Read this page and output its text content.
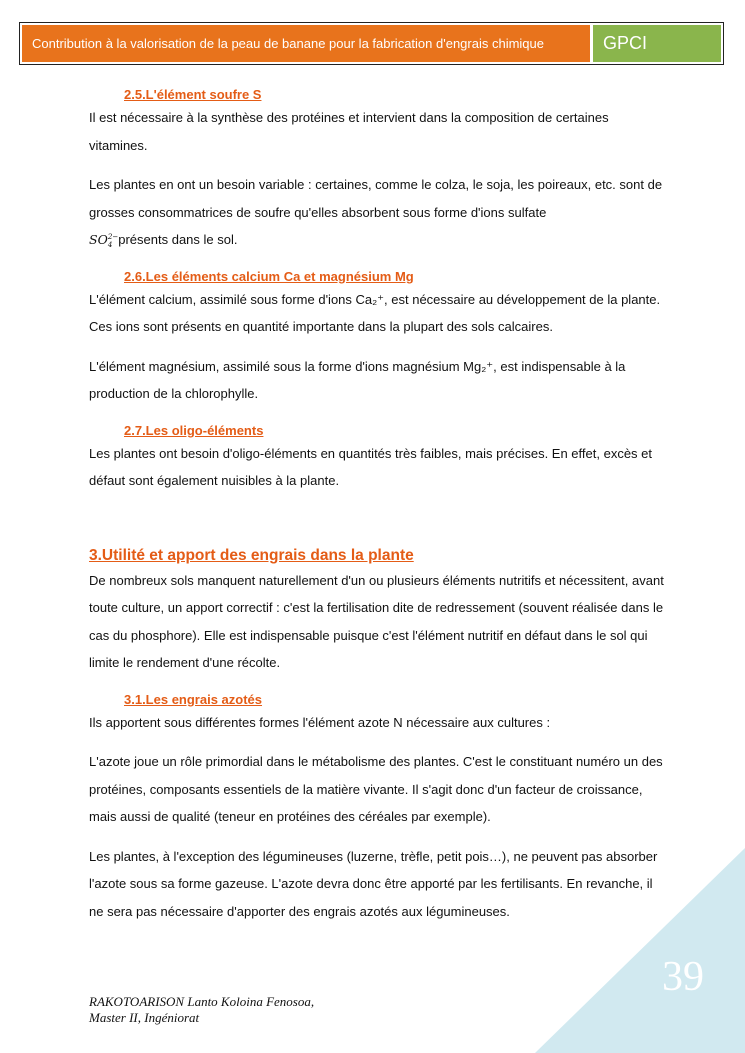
Contribution à la valorisation de la peau de banane pour la fabrication d'engrais chimique	GPCI
2.5.L'élément soufre S

Il est nécessaire à la synthèse des protéines et intervient dans la composition de certaines vitamines.

Les plantes en ont un besoin variable : certaines, comme le colza, le soja, les poireaux, etc. sont de grosses consommatrices de soufre qu'elles absorbent sous forme d'ions sulfate
SO 2−
4 présents dans le sol.

2.6.Les éléments calcium Ca et magnésium Mg

L'élément calcium, assimilé sous forme d'ions Ca₂⁺, est nécessaire au développement de la plante. Ces ions sont présents en quantité importante dans la plupart des sols calcaires.

L'élément magnésium, assimilé sous la forme d'ions magnésium Mg₂⁺, est indispensable à la production de la chlorophylle.

2.7.Les oligo-éléments

Les plantes ont besoin d'oligo-éléments en quantités très faibles, mais précises. En effet, excès et défaut sont également nuisibles à la plante.

3.Utilité et apport des engrais dans la plante

De nombreux sols manquent naturellement d'un ou plusieurs éléments nutritifs et nécessitent, avant toute culture, un apport correctif : c'est la fertilisation dite de redressement (souvent réalisée dans le cas du phosphore). Elle est indispensable puisque c'est l'élément nutritif en défaut dans le sol qui limite le rendement d'une récolte.

3.1.Les engrais azotés

Ils apportent sous différentes formes l'élément azote N nécessaire aux cultures :

L'azote joue un rôle primordial dans le métabolisme des plantes. C'est le constituant numéro un des protéines, composants essentiels de la matière vivante. Il s'agit donc d'un facteur de croissance, mais aussi de qualité (teneur en protéines des céréales par exemple).

Les plantes, à l'exception des légumineuses (luzerne, trèfle, petit pois…), ne peuvent pas absorber l'azote sous sa forme gazeuse. L'azote devra donc être apporté par les fertilisants. En revanche, il ne sera pas nécessaire d'apporter des engrais azotés aux légumineuses.

39
RAKOTOARISON Lanto Koloina Fenosoa,
Master II, Ingéniorat
